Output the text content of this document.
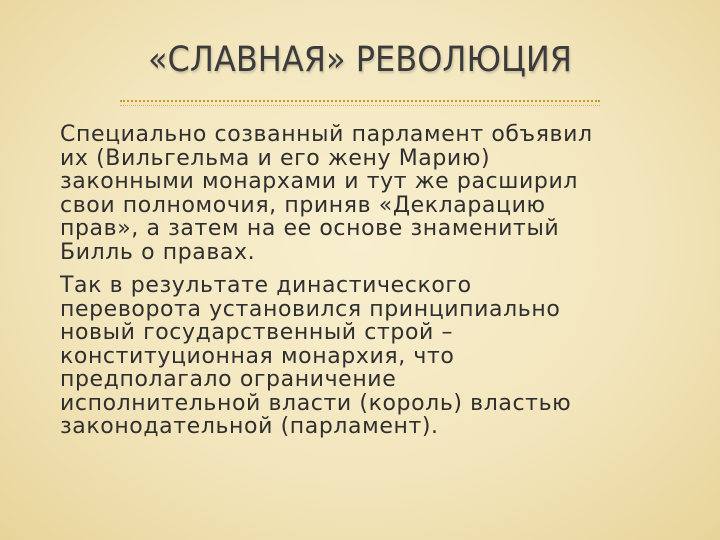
«СЛАВНАЯ» РЕВОЛЮЦИЯ

Специально созванный парламент объявил
их (Вильгельма и его жену Марию)
законными монархами и тут же расширил
свои полномочия, приняв «Декларацию
прав», а затем на ее основе знаменитый
Билль о правах.

Так в результате династического
переворота установился принципиально
новый государственный строй –
конституционная монархия, что
предполагало ограничение
исполнительной власти (король) властью
законодательной (парламент).
